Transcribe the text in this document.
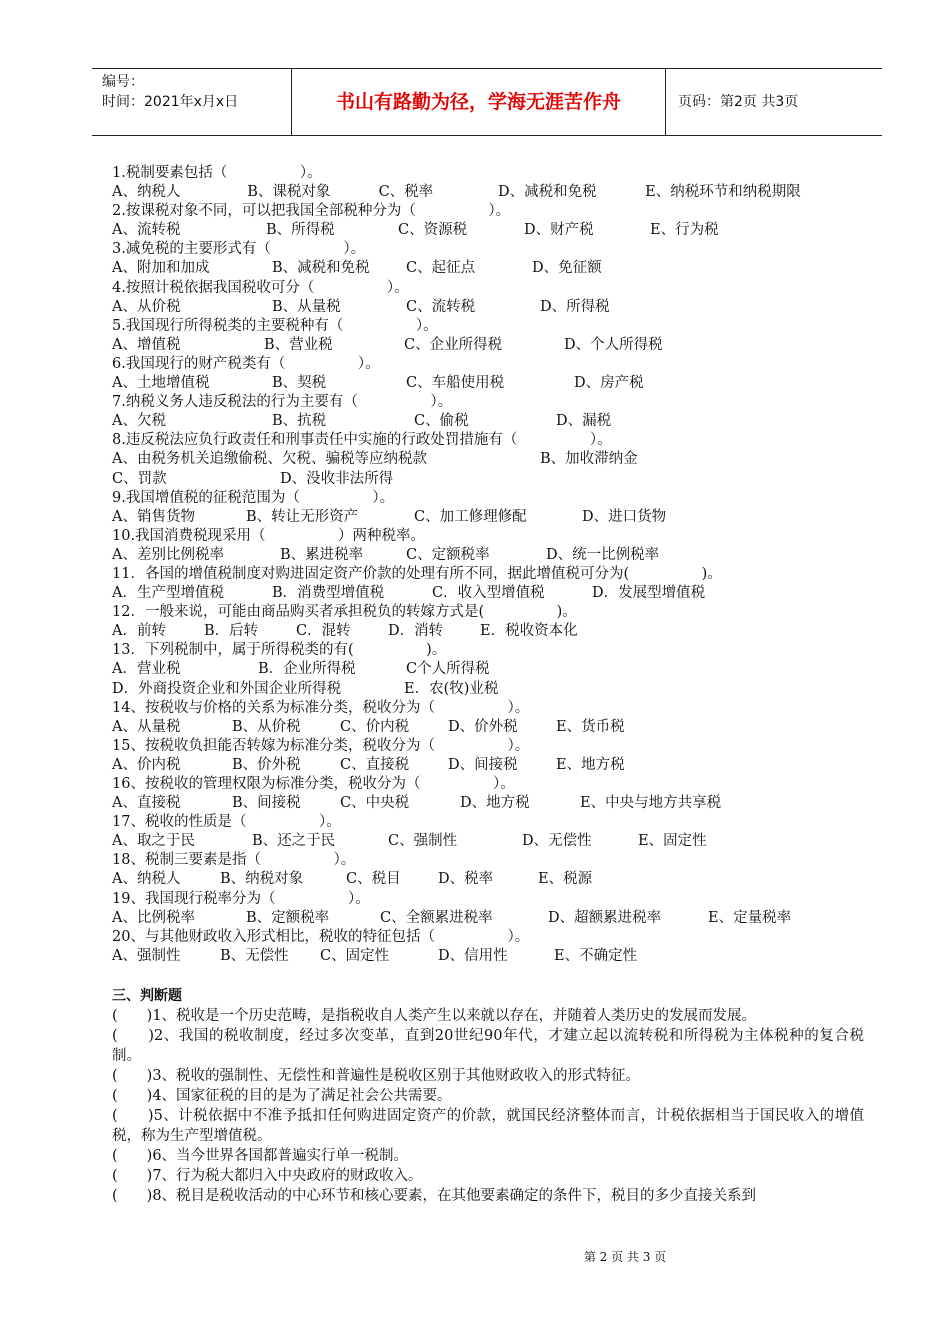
编号：
时间：2021年x月x日	书山有路勤为径，学海无涯苦作舟	页码：第2页 共3页
1.税制要素包括（　　　　　）。
A、纳税人	B、课税对象	C、税率	D、减税和免税	E、纳税环节和纳税期限
2.按课税对象不同，可以把我国全部税种分为（　　　　　）。
A、流转税	B、所得税	C、资源税	D、财产税	E、行为税
3.减免税的主要形式有（　　　　　）。
A、附加和加成	B、减税和免税	C、起征点	D、免征额
4.按照计税依据我国税收可分（　　　　　）。
A、从价税	B、从量税	C、流转税	D、所得税
5.我国现行所得税类的主要税种有（　　　　　）。
A、增值税	B、营业税	C、企业所得税	D、个人所得税
6.我国现行的财产税类有（　　　　　）。
A、土地增值税	B、契税	C、车船使用税	D、房产税
7.纳税义务人违反税法的行为主要有（　　　　　）。
A、欠税	B、抗税	C、偷税	D、漏税
8.违反税法应负行政责任和刑事责任中实施的行政处罚措施有（　　　　　）。
A、由税务机关追缴偷税、欠税、骗税等应纳税款	B、加收滞纳金
C、罚款	D、没收非法所得
9.我国增值税的征税范围为（　　　　　）。
A、销售货物	B、转让无形资产	C、加工修理修配	D、进口货物
10.我国消费税现采用（　　　　　）两种税率。
A、差别比例税率	B、累进税率	C、定额税率	D、统一比例税率
11．各国的增值税制度对购进固定资产价款的处理有所不同，据此增值税可分为(　　　　　)。
A．生产型增值税	B．消费型增值税	C．收入型增值税	D．发展型增值税
12．一般来说，可能由商品购买者承担税负的转嫁方式是(　　　　　)。
A．前转	B．后转	C．混转	D．消转	E．税收资本化
13．下列税制中，属于所得税类的有(　　　　　)。
A．营业税	B．企业所得税	C个人所得税
D．外商投资企业和外国企业所得税	E．农(牧)业税
14、按税收与价格的关系为标准分类，税收分为（　　　　　）。
A、从量税	B、从价税	C、价内税	D、价外税	E、货币税
15、按税收负担能否转嫁为标准分类，税收分为（　　　　　）。
A、价内税	B、价外税	C、直接税	D、间接税	E、地方税
16、按税收的管理权限为标准分类，税收分为（　　　　　）。
A、直接税	B、间接税	C、中央税	D、地方税	E、中央与地方共享税
17、税收的性质是（　　　　　）。
A、取之于民	B、还之于民	C、强制性	D、无偿性	E、固定性
18、税制三要素是指（　　　　　）。
A、纳税人	B、纳税对象	C、税目	D、税率	E、税源
19、我国现行税率分为（　　　　　）。
A、比例税率	B、定额税率	C、全额累进税率	D、超额累进税率	E、定量税率
20、与其他财政收入形式相比，税收的特征包括（　　　　　）。
A、强制性	B、无偿性	C、固定性	D、信用性	E、不确定性
三、判断题
(　　)1、税收是一个历史范畴，是指税收自人类产生以来就以存在，并随着人类历史的发展而发展。
(　　)2、我国的税收制度，经过多次变革，直到20世纪90年代，才建立起以流转税和所得税为主体税种的复合税制。
(　　)3、税收的强制性、无偿性和普遍性是税收区别于其他财政收入的形式特征。
(　　)4、国家征税的目的是为了满足社会公共需要。
(　　)5、计税依据中不准予抵扣任何购进固定资产的价款，就国民经济整体而言，计税依据相当于国民收入的增值税，称为生产型增值税。
(　　)6、当今世界各国都普遍实行单一税制。
(　　)7、行为税大都归入中央政府的财政收入。
(　　)8、税目是税收活动的中心环节和核心要素，在其他要素确定的条件下，税目的多少直接关系到
第 2 页 共 3 页
